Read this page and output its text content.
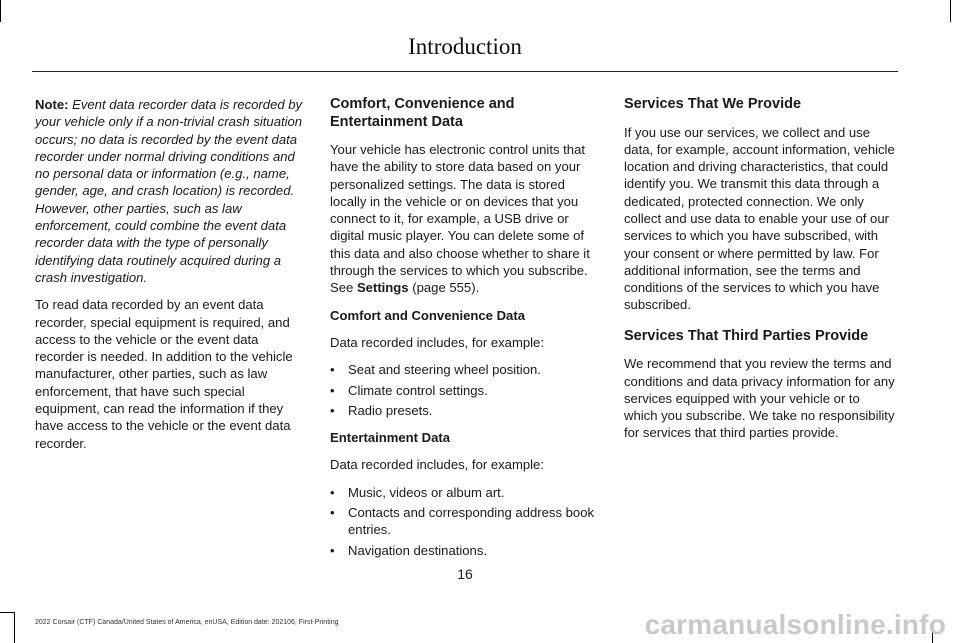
Introduction

Note: Event data recorder data is recorded by your vehicle only if a non-trivial crash situation occurs; no data is recorded by the event data recorder under normal driving conditions and no personal data or information (e.g., name, gender, age, and crash location) is recorded. However, other parties, such as law enforcement, could combine the event data recorder data with the type of personally identifying data routinely acquired during a crash investigation.

To read data recorded by an event data recorder, special equipment is required, and access to the vehicle or the event data recorder is needed. In addition to the vehicle manufacturer, other parties, such as law enforcement, that have such special equipment, can read the information if they have access to the vehicle or the event data recorder.

Comfort, Convenience and Entertainment Data

Your vehicle has electronic control units that have the ability to store data based on your personalized settings. The data is stored locally in the vehicle or on devices that you connect to it, for example, a USB drive or digital music player. You can delete some of this data and also choose whether to share it through the services to which you subscribe. See Settings (page 555).

Comfort and Convenience Data

Data recorded includes, for example:

• Seat and steering wheel position.
• Climate control settings.
• Radio presets.
Entertainment Data

Data recorded includes, for example:

• Music, videos or album art.
• Contacts and corresponding address book entries.
• Navigation destinations.
Services That We Provide

If you use our services, we collect and use data, for example, account information, vehicle location and driving characteristics, that could identify you. We transmit this data through a dedicated, protected connection. We only collect and use data to enable your use of our services to which you have subscribed, with your consent or where permitted by law. For additional information, see the terms and conditions of the services to which you have subscribed.

Services That Third Parties Provide

We recommend that you review the terms and conditions and data privacy information for any services equipped with your vehicle or to which you subscribe. We take no responsibility for services that third parties provide.

16
2022 Corsair (CTF) Canada/United States of America, enUSA, Edition date: 202106, First-Printing	carmanualsonline.info
